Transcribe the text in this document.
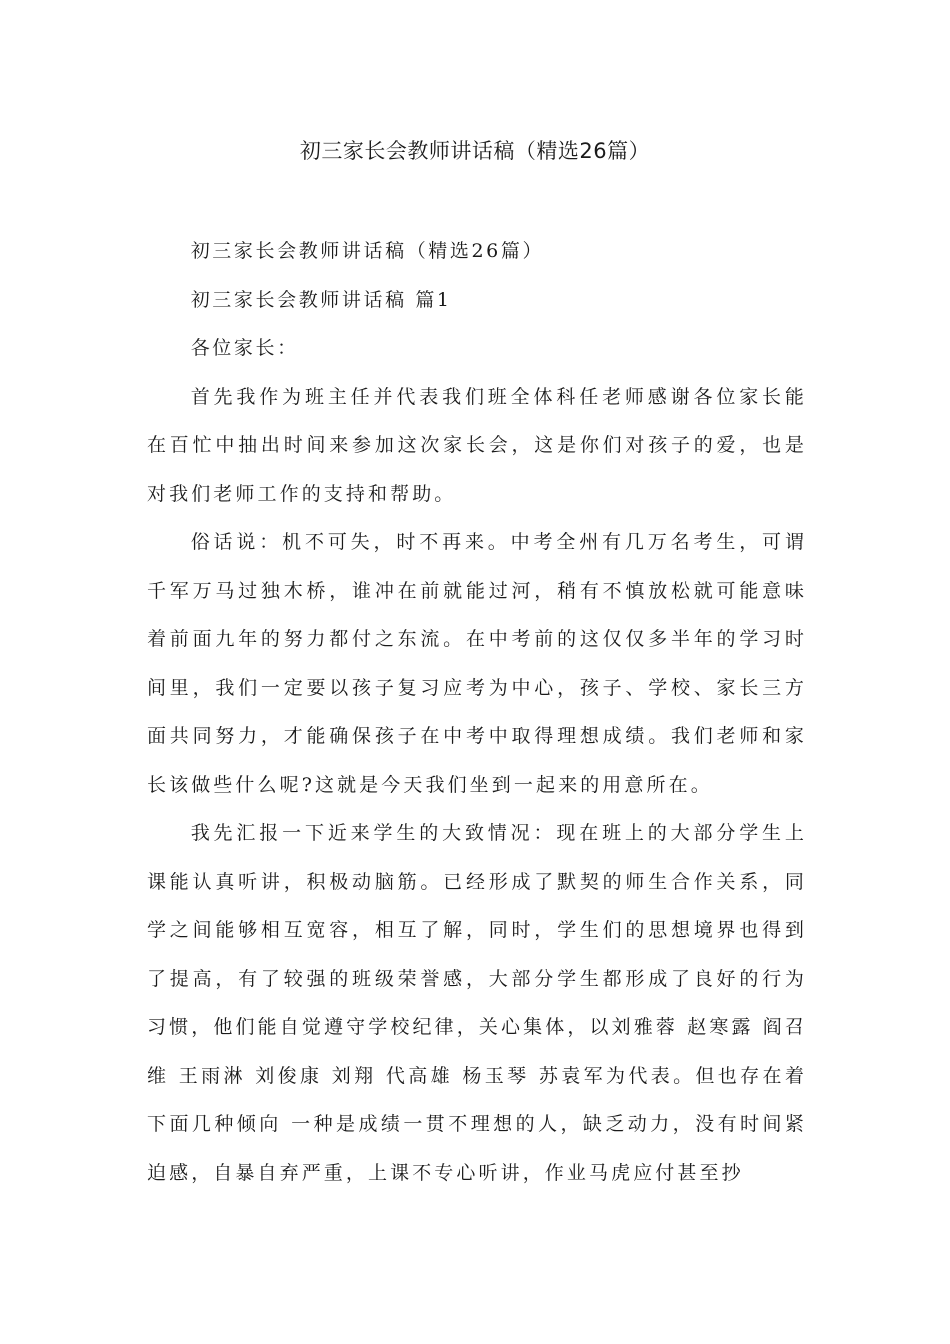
初三家长会教师讲话稿（精选26篇）

初三家长会教师讲话稿（精选26篇）

初三家长会教师讲话稿 篇1

各位家长：

首先我作为班主任并代表我们班全体科任老师感谢各位家长能在百忙中抽出时间来参加这次家长会，这是你们对孩子的爱，也是对我们老师工作的支持和帮助。

俗话说：机不可失，时不再来。中考全州有几万名考生，可谓千军万马过独木桥，谁冲在前就能过河，稍有不慎放松就可能意味着前面九年的努力都付之东流。在中考前的这仅仅多半年的学习时间里，我们一定要以孩子复习应考为中心，孩子、学校、家长三方面共同努力，才能确保孩子在中考中取得理想成绩。我们老师和家长该做些什么呢?这就是今天我们坐到一起来的用意所在。

我先汇报一下近来学生的大致情况：现在班上的大部分学生上课能认真听讲，积极动脑筋。已经形成了默契的师生合作关系，同学之间能够相互宽容，相互了解，同时，学生们的思想境界也得到了提高，有了较强的班级荣誉感，大部分学生都形成了良好的行为习惯，他们能自觉遵守学校纪律，关心集体，以刘雅蓉 赵寒露 阎召维 王雨淋 刘俊康 刘翔 代高雄 杨玉琴 苏袁军为代表。但也存在着下面几种倾向 一种是成绩一贯不理想的人，缺乏动力，没有时间紧迫感，自暴自弃严重，上课不专心听讲，作业马虎应付甚至抄
